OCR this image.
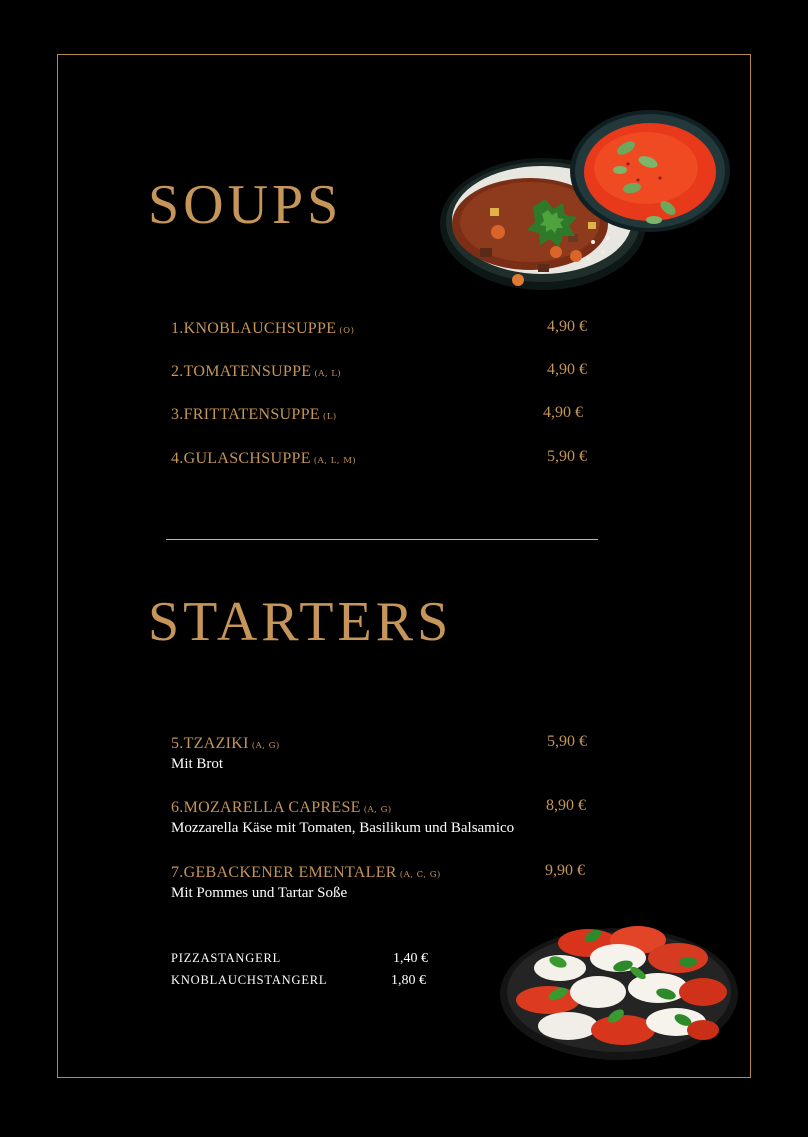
SOUPS
1.KNOBLAUCHSUPPE (O)	4,90 €
2.TOMATENSUPPE (A, L)	4,90 €
3.FRITTATENSUPPE (L)	4,90 €
4.GULASCHSUPPE (A, L, M)	5,90 €
STARTERS
5.TZAZIKI (A, G)	5,90 €
Mit Brot
6.MOZARELLA CAPRESE (A, G)	8,90 €
Mozzarella Käse mit Tomaten, Basilikum und Balsamico
7.GEBACKENER EMENTALER (A, C, G)	9,90 €
Mit Pommes und Tartar Soße
PIZZASTANGERL	1,40 €
KNOBLAUCHSTANGERL	1,80 €
